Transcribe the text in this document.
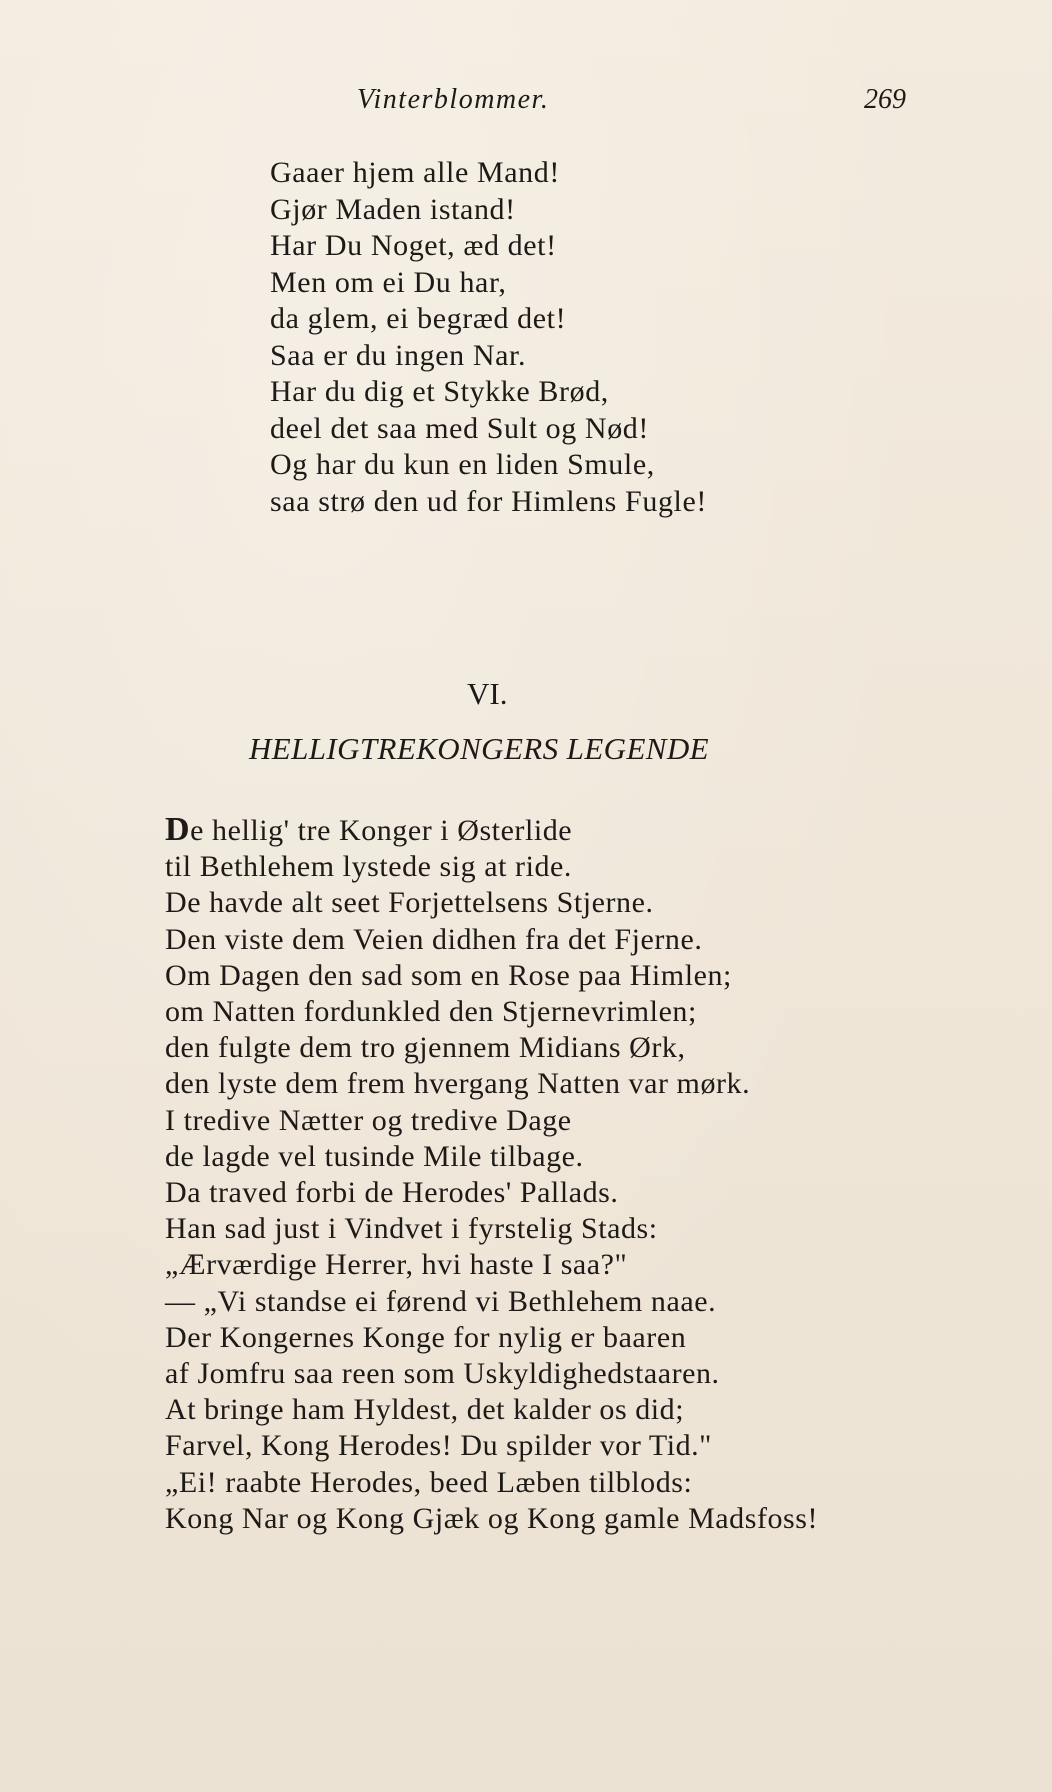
Vinterblommer.	269
Gaaer hjem alle Mand!
Gjør Maden istand!
Har Du Noget, æd det!
Men om ei Du har,
da glem, ei begræd det!
Saa er du ingen Nar.
Har du dig et Stykke Brød,
deel det saa med Sult og Nød!
Og har du kun en liden Smule,
saa strø den ud for Himlens Fugle!
VI.
HELLIGTREKONGERS LEGENDE
De hellig' tre Konger i Østerlide
til Bethlehem lystede sig at ride.
De havde alt seet Forjettelsens Stjerne.
Den viste dem Veien didhen fra det Fjerne.
Om Dagen den sad som en Rose paa Himlen;
om Natten fordunkled den Stjernevrimlen;
den fulgte dem tro gjennem Midians Ørk,
den lyste dem frem hvergang Natten var mørk.
I tredive Nætter og tredive Dage
de lagde vel tusinde Mile tilbage.
Da traved forbi de Herodes' Pallads.
Han sad just i Vindvet i fyrstelig Stads:
„Ærværdige Herrer, hvi haste I saa?"
— „Vi standse ei førend vi Bethlehem naae.
Der Kongernes Konge for nylig er baaren
af Jomfru saa reen som Uskyldighedstaaren.
At bringe ham Hyldest, det kalder os did;
Farvel, Kong Herodes! Du spilder vor Tid."
„Ei! raabte Herodes, beed Læben tilblods:
Kong Nar og Kong Gjæk og Kong gamle Madsfoss!
